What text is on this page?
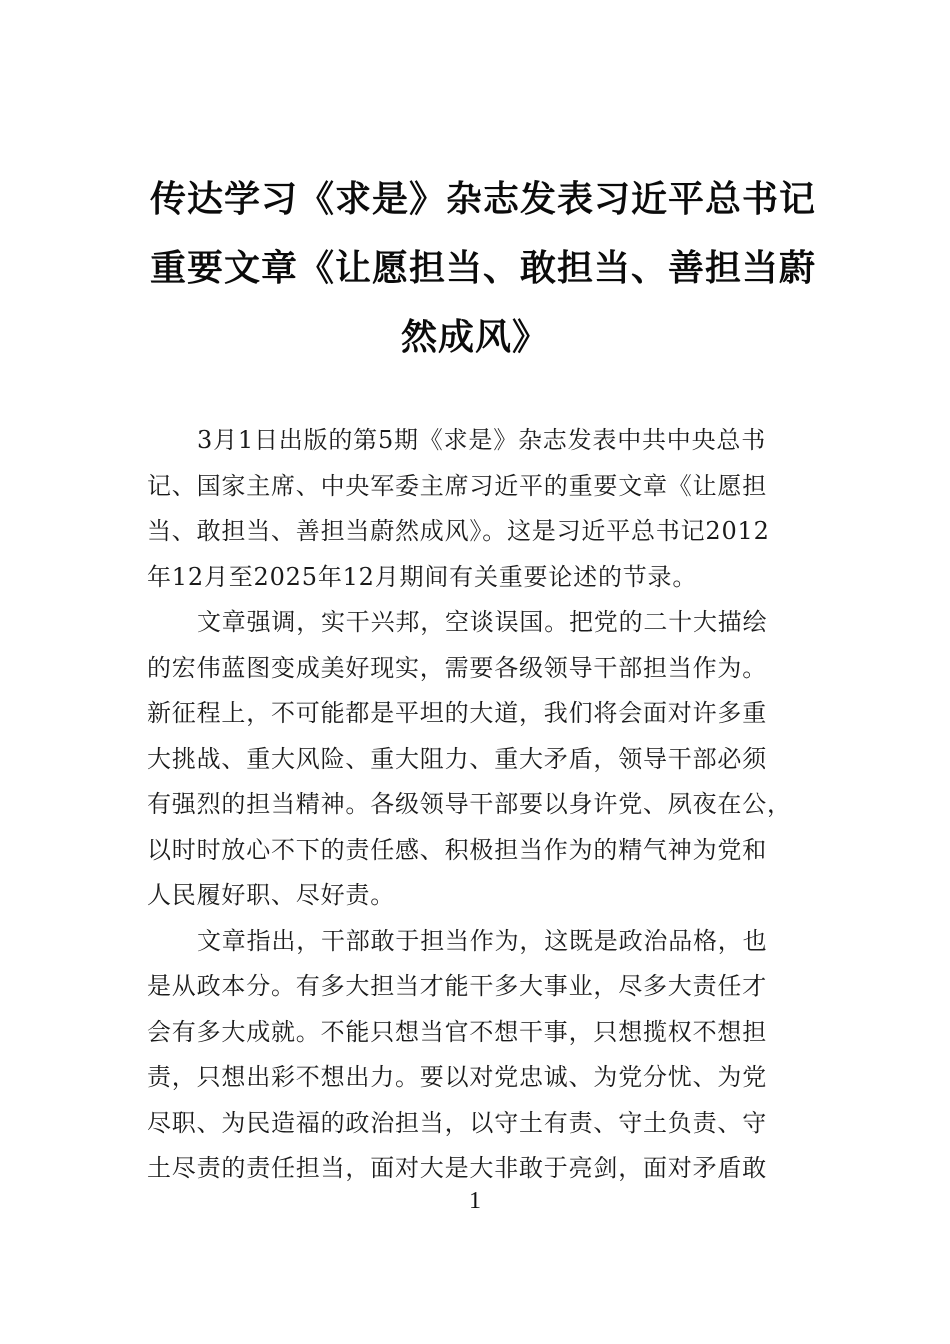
传达学习《求是》杂志发表习近平总书记
重要文章《让愿担当、敢担当、善担当蔚
然成风》

3月1日出版的第5期《求是》杂志发表中共中央总书
记、国家主席、中央军委主席习近平的重要文章《让愿担
当、敢担当、善担当蔚然成风》。这是习近平总书记2012
年12月至2025年12月期间有关重要论述的节录。

文章强调，实干兴邦，空谈误国。把党的二十大描绘
的宏伟蓝图变成美好现实，需要各级领导干部担当作为。
新征程上，不可能都是平坦的大道，我们将会面对许多重
大挑战、重大风险、重大阻力、重大矛盾，领导干部必须
有强烈的担当精神。各级领导干部要以身许党、夙夜在公，
以时时放心不下的责任感、积极担当作为的精气神为党和
人民履好职、尽好责。

文章指出，干部敢于担当作为，这既是政治品格，也
是从政本分。有多大担当才能干多大事业，尽多大责任才
会有多大成就。不能只想当官不想干事，只想揽权不想担
责，只想出彩不想出力。要以对党忠诚、为党分忧、为党
尽职、为民造福的政治担当，以守土有责、守土负责、守
土尽责的责任担当，面对大是大非敢于亮剑，面对矛盾敢

1
